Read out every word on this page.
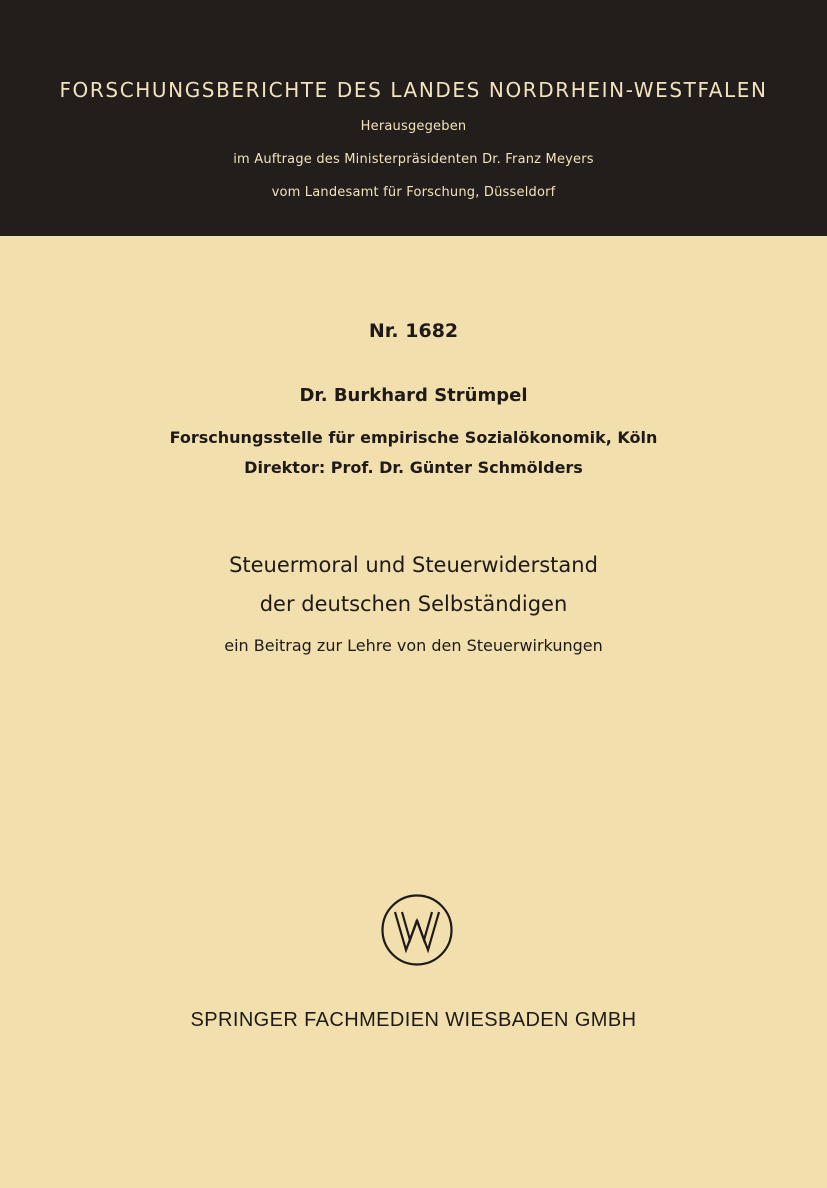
FORSCHUNGSBERICHTE DES LANDES NORDRHEIN-WESTFALEN
Herausgegeben
im Auftrage des Ministerpräsidenten Dr. Franz Meyers
vom Landesamt für Forschung, Düsseldorf
Nr. 1682
Dr. Burkhard Strümpel
Forschungsstelle für empirische Sozialökonomik, Köln
Direktor: Prof. Dr. Günter Schmölders
Steuermoral und Steuerwiderstand
der deutschen Selbständigen
ein Beitrag zur Lehre von den Steuerwirkungen
SPRINGER FACHMEDIEN WIESBADEN GMBH
